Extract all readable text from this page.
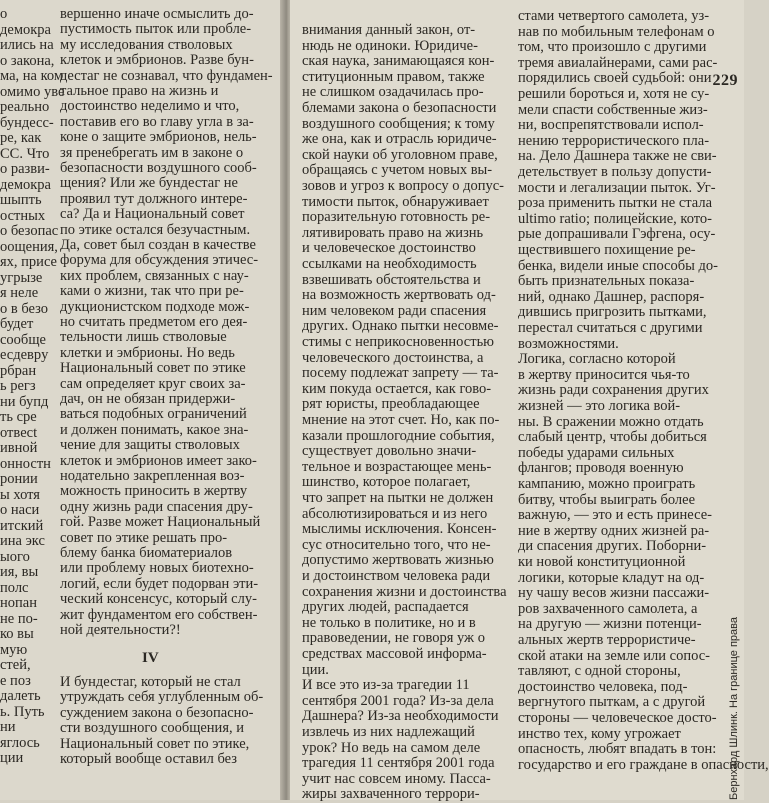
о
демокра
ились на
о закона,
ма, на ком
омимо уве
реально
бундесс-
ре, как
СС. Что
о разви-
демокра
шыпть
остных
о безопас
оощения,
ях, присе
угрызе
я неле
о в безо
будет
сообще
есдеврy
рбран
ь регз
ни бупд
ть сре
отвect
ивной
онностн
ронии
ы хотя
о наси
итский
ина экс
ыого
ия, вы
полс
нопан
не по-
ко вы
мую
стей,
е поз
далеть
ь. Путь
ни
яглось
ции
вершенно иначе осмыслить до-
пустимость пыток или пробле-
му исследования стволовых
клеток и эмбрионов. Разве бун-
дестаг не сознавал, что фундамен-
тальное право на жизнь и
достоинство неделимо и что,
поставив его во главу угла в за-
коне о защите эмбрионов, нель-
зя пренебрегать им в законе о
безопасности воздушного сооб-
щения? Или же бундестаг не
проявил тут должного интере-
са? Да и Национальный совет
по этике остался безучастным.
Да, совет был создан в качестве
форума для обсуждения этичес-
ких проблем, связанных с нау-
ками о жизни, так что при ре-
дукционистском подходе мож-
но считать предметом его дея-
тельности лишь стволовые
клетки и эмбрионы. Но ведь
Национальный совет по этике
сам определяет круг своих за-
дач, он не обязан придержи-
ваться подобных ограничений
и должен понимать, какое зна-
чение для защиты стволовых
клеток и эмбрионов имеет зако-
нодательно закрепленная воз-
можность приносить в жертву
одну жизнь ради спасения дру-
гой. Разве может Национальный
совет по этике решать про-
блему банка биоматериалов
или проблему новых биотехно-
логий, если будет подорван эти-
ческий консенсус, который слу-
жит фундаментом его собствен-
ной деятельности?!
IV
И бундестаг, который не стал
утруждать себя углубленным об-
суждением закона о безопасно-
сти воздушного сообщения, и
Национальный совет по этике,
который вообще оставил без
внимания данный закон, от-
нюдь не одиноки. Юридиче-
ская наука, занимающаяся кон-
ституционным правом, также
не слишком озадачилась про-
блемами закона о безопасности
воздушного сообщения; к тому
же она, как и отрасль юридиче-
ской науки об уголовном праве,
обращаясь с учетом новых вы-
зовов и угроз к вопросу о допус-
тимости пыток, обнаруживает
поразительную готовность ре-
лятивировать право на жизнь
и человеческое достоинство
ссылками на необходимость
взвешивать обстоятельства и
на возможность жертвовать од-
ним человеком ради спасения
других. Однако пытки несовме-
стимы с неприкосновенностью
человеческого достоинства, а
посему подлежат запрету — та-
ким покуда остается, как гово-
рят юристы, преобладающее
мнение на этот счет. Но, как по-
казали прошлогодние события,
существует довольно значи-
тельное и возрастающее мень-
шинство, которое полагает,
что запрет на пытки не должен
абсолютизироваться и из него
мыслимы исключения. Консен-
сус относительно того, что не-
допустимо жертвовать жизнью
и достоинством человека ради
сохранения жизни и достоинства
других людей, распадается
не только в политике, но и в
правоведении, не говоря уж о
средствах массовой информа-
ции.
И все это из-за трагедии 11
сентября 2001 года? Из-за дела
Дашнера? Из-за необходимости
извлечь из них надлежащий
урок? Но ведь на самом деле
трагедия 11 сентября 2001 года
учит нас совсем иному. Пасса-
жиры захваченного террори-
стами четвертого самолета, уз-
нав по мобильным телефонам о
том, что произошло с другими
тремя авиалайнерами, сами рас-
порядились своей судьбой: они
решили бороться и, хотя не су-
мели спасти собственные жиз-
ни, воспрепятствовали испол-
нению террористического пла-
на. Дело Дашнера также не сви-
детельствует в пользу допусти-
мости и легализации пыток. Уг-
роза применить пытки не стала
ultimo ratio; полицейские, кото-
рые допрашивали Гэфгена, осу-
ществившего похищение ре-
бенка, видели иные способы до-
быть признательных показа-
ний, однако Дашнер, распоря-
дившись пригрозить пытками,
перестал считаться с другими
возможностями.
Логика, согласно которой
в жертву приносится чья-то
жизнь ради сохранения других
жизней — это логика вой-
ны. В сражении можно отдать
слабый центр, чтобы добиться
победы ударами сильных
флангов; проводя военную
кампанию, можно проиграть
битву, чтобы выиграть более
важную, — это и есть принесе-
ние в жертву одних жизней ра-
ди спасения других. Поборни-
ки новой конституционной
логики, которые кладут на од-
ну чашу весов жизни пассажи-
ров захваченного самолета, а
на другую — жизни потенци-
альных жертв террористиче-
ской атаки на земле или сопос-
тавляют, с одной стороны,
достоинство человека, под-
вергнутого пыткам, а с другой
стороны — человеческое досто-
инство тех, кому угрожает
опасность, любят впадать в тон:
государство и его граждане в опасности,
229
Бернхард Шлинк. На границе права
